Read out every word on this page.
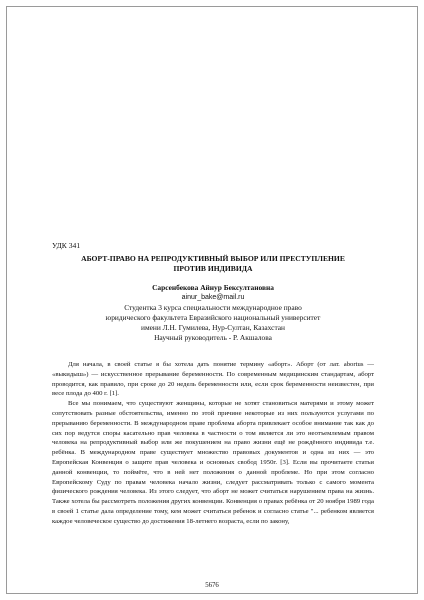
УДК 341
АБОРТ-ПРАВО НА РЕПРОДУКТИВНЫЙ ВЫБОР ИЛИ ПРЕСТУПЛЕНИЕ
ПРОТИВ ИНДИВИДА
Сарсенбекова Айнур Бексултановна
ainur_bake@mail.ru
Студентка 3 курса специальности международное право
юридического факультета Евразийского национальный университет
имени Л.Н. Гумилева, Нур-Султан, Казахстан
Научный руководитель - Р. Акшалова

Для начала, в своей статье я бы хотела дать понятие термину «аборт». Аборт (от лат. abortus — «выкидыш») — искусственное прерывание беременности. По современным медицинским стандартам, аборт проводится, как правило, при сроке до 20 недель беременности или, если срок беременности неизвестен, при весе плода до 400 г. [1].

Все мы понимаем, что существуют женщины, которые не хотят становиться матерями и этому может сопутствовать разные обстоятельства, именно по этой причине некоторые из них пользуются услугами по прерыванию беременности. В международном праве проблема аборта привлекает особое внимание так как до сих пор ведутся споры касательно прав человека в частности о том является ли это неотъемлемым правом человека на репродуктивный выбор или же покушением на право жизни ещё не рождённого индивида т.е. ребёнка. В международном праве существует множество правовых документов и одна из них — это Европейская Конвенция о защите прав человека и основных свобод 1950г. [3]. Если вы прочитаете статьи данной конвенции, то поймёте, что в ней нет положения о данной проблеме. Но при этом согласно Европейскому Суду по правам человека начало жизни, следует рассматривать только с самого момента физического рождения человека. Из этого следует, что аборт не может считаться нарушением права на жизнь. Также хотела бы рассмотреть положения других конвенции. Конвенция о правах ребёнка от 20 ноября 1989 года в своей 1 статье дала определение тому, кем может считаться ребенок и согласно статье "... ребенком является каждое человеческое существо до достижения 18-летнего возраста, если по закону,

5676
